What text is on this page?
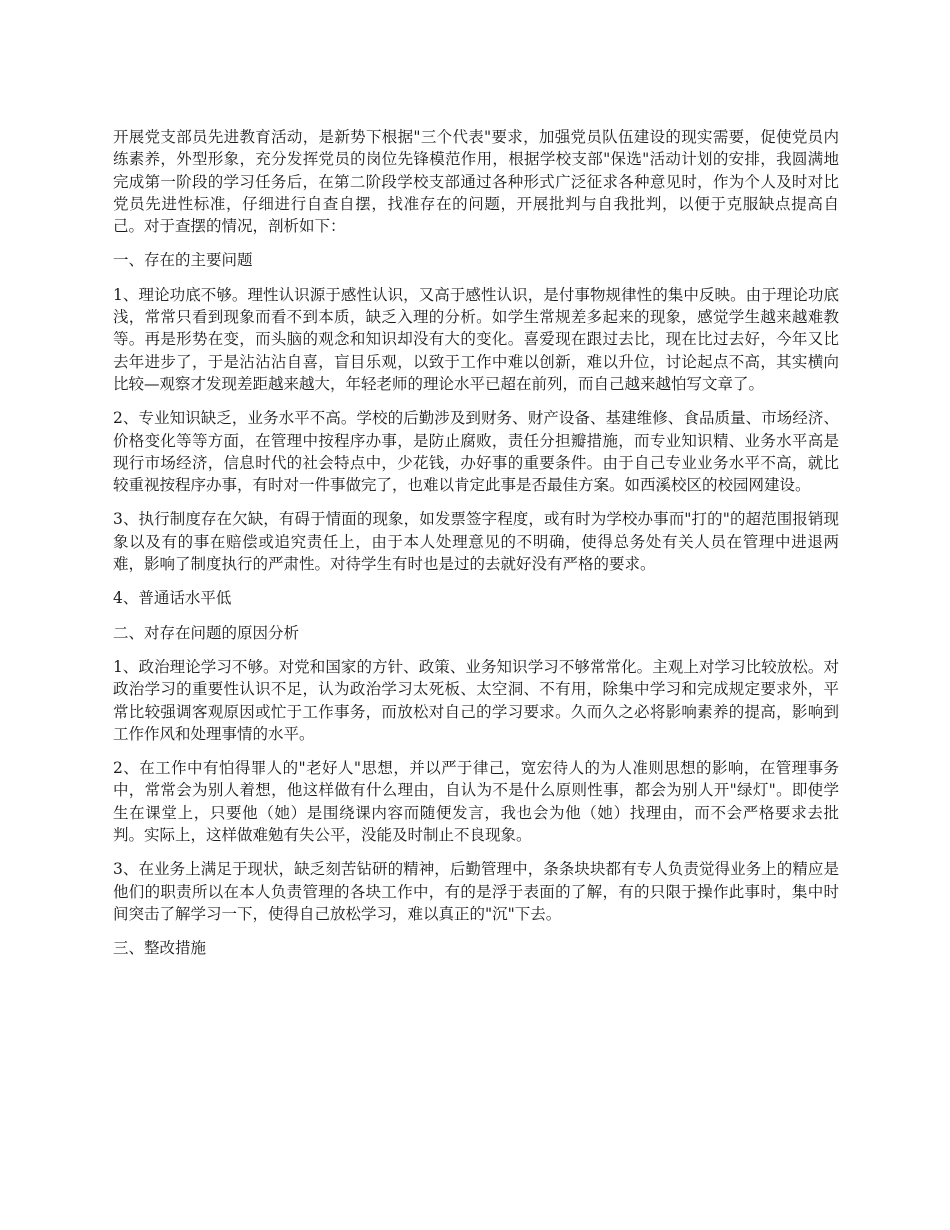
开展党支部员先进教育活动，是新势下根据"三个代表"要求，加强党员队伍建设的现实需要，促使党员内练素养，外型形象，充分发挥党员的岗位先锋模范作用，根据学校支部"保选"活动计划的安排，我圆满地完成第一阶段的学习任务后，在第二阶段学校支部通过各种形式广泛征求各种意见时，作为个人及时对比党员先进性标准，仔细进行自查自摆，找准存在的问题，开展批判与自我批判，以便于克服缺点提高自己。对于查摆的情况，剖析如下：

一、存在的主要问题

1、理论功底不够。理性认识源于感性认识，又高于感性认识，是付事物规律性的集中反映。由于理论功底浅，常常只看到现象而看不到本质，缺乏入理的分析。如学生常规差多起来的现象，感觉学生越来越难教等。再是形势在变，而头脑的观念和知识却没有大的变化。喜爱现在跟过去比，现在比过去好，今年又比去年进步了，于是沾沾沾自喜，盲目乐观，以致于工作中难以创新，难以升位，讨论起点不高，其实横向比较—观察才发现差距越来越大，年轻老师的理论水平已超在前列，而自己越来越怕写文章了。

2、专业知识缺乏，业务水平不高。学校的后勤涉及到财务、财产设备、基建维修、食品质量、市场经济、价格变化等等方面，在管理中按程序办事，是防止腐败，责任分担瓣措施，而专业知识精、业务水平高是现行市场经济，信息时代的社会特点中，少花钱，办好事的重要条件。由于自己专业业务水平不高，就比较重视按程序办事，有时对一件事做完了，也难以肯定此事是否最佳方案。如西溪校区的校园网建设。

3、执行制度存在欠缺，有碍于情面的现象，如发票签字程度，或有时为学校办事而"打的"的超范围报销现象以及有的事在赔偿或追究责任上，由于本人处理意见的不明确，使得总务处有关人员在管理中进退两难，影响了制度执行的严肃性。对待学生有时也是过的去就好没有严格的要求。

4、普通话水平低

二、对存在问题的原因分析

1、政治理论学习不够。对党和国家的方针、政策、业务知识学习不够常常化。主观上对学习比较放松。对政治学习的重要性认识不足，认为政治学习太死板、太空洞、不有用，除集中学习和完成规定要求外，平常比较强调客观原因或忙于工作事务，而放松对自己的学习要求。久而久之必将影响素养的提高，影响到工作作风和处理事情的水平。

2、在工作中有怕得罪人的"老好人"思想，并以严于律己，宽宏待人的为人准则思想的影响，在管理事务中，常常会为别人着想，他这样做有什么理由，自认为不是什么原则性事，都会为别人开"绿灯"。即使学生在课堂上，只要他（她）是围绕课内容而随便发言，我也会为他（她）找理由，而不会严格要求去批判。实际上，这样做难勉有失公平，没能及时制止不良现象。

3、在业务上满足于现状，缺乏刻苦钻研的精神，后勤管理中，条条块块都有专人负责觉得业务上的精应是他们的职责所以在本人负责管理的各块工作中，有的是浮于表面的了解，有的只限于操作此事时，集中时间突击了解学习一下，使得自己放松学习，难以真正的"沉"下去。

三、整改措施
